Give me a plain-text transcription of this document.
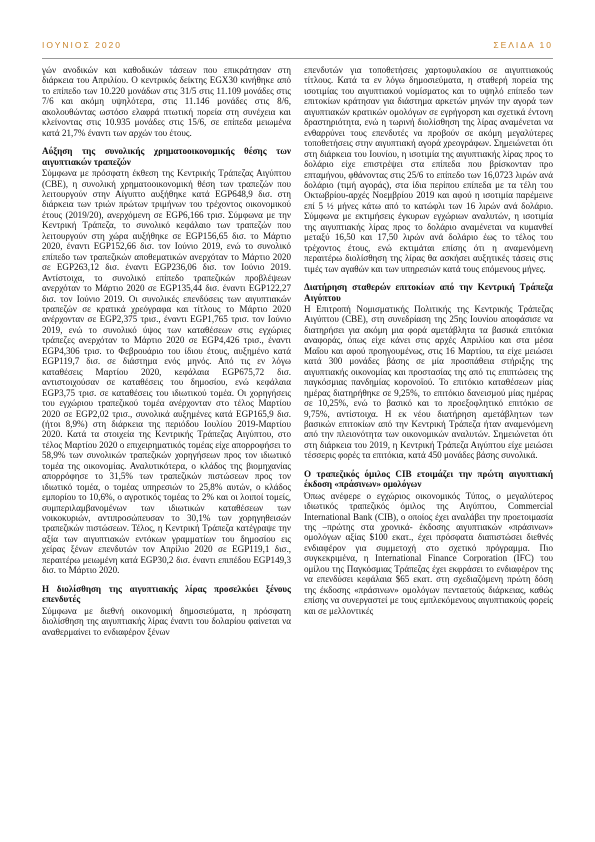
ΙΟΥΝΙΟΣ 2020	ΣΕΛΙΔΑ 10

γών ανοδικών και καθοδικών τάσεων που επικράτησαν στη διάρκεια του Απριλίου. Ο κεντρικός δείκτης EGX30 κινήθηκε από το επίπεδο των 10.220 μονάδων στις 31/5 στις 11.109 μονάδες στις 7/6 και ακόμη υψηλότερα, στις 11.146 μονάδες στις 8/6, ακολουθώντας ωστόσο ελαφρά πτωτική πορεία στη συνέχεια και κλείνοντας στις 10.935 μονάδες στις 15/6, σε επίπεδα μειωμένα κατά 21,7% έναντι των αρχών του έτους.

Αύξηση της συνολικής χρηματοοικονομικής θέσης των αιγυπτιακών τραπεζών

Σύμφωνα με πρόσφατη έκθεση της Κεντρικής Τράπεζας Αιγύπτου (CBE), η συνολική χρηματοοικονομική θέση των τραπεζών που λειτουργούν στην Αίγυπτο αυξήθηκε κατά EGP648,9 δισ. στη διάρκεια των τριών πρώτων τριμήνων του τρέχοντος οικονομικού έτους (2019/20), ανερχόμενη σε EGP6,166 τρισ. Σύμφωνα με την Κεντρική Τράπεζα, το συνολικό κεφάλαιο των τραπεζών που λειτουργούν στη χώρα αυξήθηκε σε EGP156,65 δισ. το Μάρτιο 2020, έναντι EGP152,66 δισ. τον Ιούνιο 2019, ενώ το συνολικό επίπεδο των τραπεζικών αποθεματικών ανερχόταν το Μάρτιο 2020 σε EGP263,12 δισ. έναντι EGP236,06 δισ. τον Ιούνιο 2019. Αντίστοιχα, το συνολικό επίπεδο τραπεζικών προβλέψεων ανερχόταν το Μάρτιο 2020 σε EGP135,44 δισ. έναντι EGP122,27 δισ. τον Ιούνιο 2019. Οι συνολικές επενδύσεις των αιγυπτιακών τραπεζών σε κρατικά χρεόγραφα και τίτλους το Μάρτιο 2020 ανέρχονταν σε EGP2,375 τρισ., έναντι EGP1,765 τρισ. τον Ιούνιο 2019, ενώ το συνολικό ύψος των καταθέσεων στις εγχώριες τράπεζες ανερχόταν το Μάρτιο 2020 σε EGP4,426 τρισ., έναντι EGP4,306 τρισ. το Φεβρουάριο του ίδιου έτους, αυξημένο κατά EGP119,7 δισ. σε διάστημα ενός μηνός. Από τις εν λόγω καταθέσεις Μαρτίου 2020, κεφάλαια EGP675,72 δισ. αντιστοιχούσαν σε καταθέσεις του δημοσίου, ενώ κεφάλαια EGP3,75 τρισ. σε καταθέσεις του ιδιωτικού τομέα. Οι χορηγήσεις του εγχώριου τραπεζικού τομέα ανέρχονταν στο τέλος Μαρτίου 2020 σε EGP2,02 τρισ., συνολικά αυξημένες κατά EGP165,9 δισ. (ήτοι 8,9%) στη διάρκεια της περιόδου Ιουλίου 2019-Μαρτίου 2020. Κατά τα στοιχεία της Κεντρικής Τράπεζας Αιγύπτου, στο τέλος Μαρτίου 2020 ο επιχειρηματικός τομέας είχε απορροφήσει το 58,9% των συνολικών τραπεζικών χορηγήσεων προς τον ιδιωτικό τομέα της οικονομίας. Αναλυτικότερα, ο κλάδος της βιομηχανίας απορρόφησε το 31,5% των τραπεζικών πιστώσεων προς τον ιδιωτικό τομέα, ο τομέας υπηρεσιών το 25,8% αυτών, ο κλάδος εμπορίου το 10,6%, ο αγροτικός τομέας το 2% και οι λοιποί τομείς, συμπεριλαμβανομένων των ιδιωτικών καταθέσεων των νοικοκυριών, αντιπροσώπευσαν το 30,1% των χορηγηθεισών τραπεζικών πιστώσεων. Τέλος, η Κεντρική Τράπεζα κατέγραψε την αξία των αιγυπτιακών εντόκων γραμματίων του δημοσίου εις χείρας ξένων επενδυτών τον Απρίλιο 2020 σε EGP119,1 δισ., περαιτέρω μειωμένη κατά EGP30,2 δισ. έναντι επιπέδου EGP149,3 δισ. το Μάρτιο 2020.

Η διολίσθηση της αιγυπτιακής λίρας προσελκύει ξένους επενδυτές

Σύμφωνα με διεθνή οικονομική δημοσιεύματα, η πρόσφατη διολίσθηση της αιγυπτιακής λίρας έναντι του δολαρίου φαίνεται να αναθερμαίνει το ενδιαφέρον ξένων

επενδυτών για τοποθετήσεις χαρτοφυλακίου σε αιγυπτιακούς τίτλους. Κατά τα εν λόγω δημοσιεύματα, η σταθερή πορεία της ισοτιμίας του αιγυπτιακού νομίσματος και το υψηλό επίπεδο των επιτοκίων κράτησαν για διάστημα αρκετών μηνών την αγορά των αιγυπτιακών κρατικών ομολόγων σε εγρήγορση και σχετικά έντονη δραστηριότητα, ενώ η τωρινή διολίσθηση της λίρας αναμένεται να ενθαρρύνει τους επενδυτές να προβούν σε ακόμη μεγαλύτερες τοποθετήσεις στην αιγυπτιακή αγορά χρεογράφων. Σημειώνεται ότι στη διάρκεια του Ιουνίου, η ισοτιμία της αιγυπτιακής λίρας προς το δολάριο είχε επιστρέψει στα επίπεδα που βρίσκονταν προ επταμήνου, φθάνοντας στις 25/6 το επίπεδο των 16,0723 λιρών ανά δολάριο (τιμή αγοράς), στα ίδια περίπου επίπεδα με τα τέλη του Οκτωβρίου-αρχές Νοεμβρίου 2019 και αφού η ισοτιμία παρέμεινε επί 5 ½ μήνες κάτω από το κατώφλι των 16 λιρών ανά δολάριο. Σύμφωνα με εκτιμήσεις έγκυρων εγχώριων αναλυτών, η ισοτιμία της αιγυπτιακής λίρας προς το δολάριο αναμένεται να κυμανθεί μεταξύ 16,50 και 17,50 λιρών ανά δολάριο έως το τέλος του τρέχοντος έτους, ενώ εκτιμάται επίσης ότι η αναμενόμενη περαιτέρω διολίσθηση της λίρας θα ασκήσει αυξητικές τάσεις στις τιμές των αγαθών και των υπηρεσιών κατά τους επόμενους μήνες.

Διατήρηση σταθερών επιτοκίων από την Κεντρική Τράπεζα Αιγύπτου

Η Επιτροπή Νομισματικής Πολιτικής της Κεντρικής Τράπεζας Αιγύπτου (CBE), στη συνεδρίαση της 25ης Ιουνίου αποφάσισε να διατηρήσει για ακόμη μια φορά αμετάβλητα τα βασικά επιτόκια αναφοράς, όπως είχε κάνει στις αρχές Απριλίου και στα μέσα Μαΐου και αφού προηγουμένως, στις 16 Μαρτίου, τα είχε μειώσει κατά 300 μονάδες βάσης σε μία προσπάθεια στήριξης της αιγυπτιακής οικονομίας και προστασίας της από τις επιπτώσεις της παγκόσμιας πανδημίας κορονοϊού. Το επιτόκιο καταθέσεων μίας ημέρας διατηρήθηκε σε 9,25%, το επιτόκιο δανεισμού μίας ημέρας σε 10,25%, ενώ το βασικό και το προεξοφλητικό επιτόκιο σε 9,75%, αντίστοιχα. Η εκ νέου διατήρηση αμετάβλητων των βασικών επιτοκίων από την Κεντρική Τράπεζα ήταν αναμενόμενη από την πλειονότητα των οικονομικών αναλυτών. Σημειώνεται ότι στη διάρκεια του 2019, η Κεντρική Τράπεζα Αιγύπτου είχε μειώσει τέσσερις φορές τα επιτόκια, κατά 450 μονάδες βάσης συνολικά.

Ο τραπεζικός όμιλος CIB ετοιμάζει την πρώτη αιγυπτιακή έκδοση «πράσινων» ομολόγων

Όπως ανέφερε ο εγχώριος οικονομικός Τύπος, ο μεγαλύτερος ιδιωτικός τραπεζικός όμιλος της Αιγύπτου, Commercial International Bank (CIB), ο οποίος έχει αναλάβει την προετοιμασία της –πρώτης στα χρονικά- έκδοσης αιγυπτιακών «πράσινων» ομολόγων αξίας $100 εκατ., έχει πρόσφατα διαπιστώσει διεθνές ενδιαφέρον για συμμετοχή στο σχετικό πρόγραμμα. Πιο συγκεκριμένα, η International Finance Corporation (IFC) του ομίλου της Παγκόσμιας Τράπεζας έχει εκφράσει το ενδιαφέρον της να επενδύσει κεφάλαια $65 εκατ. στη σχεδιαζόμενη πρώτη δόση της έκδοσης «πράσινων» ομολόγων πενταετούς διάρκειας, καθώς επίσης να συνεργαστεί με τους εμπλεκόμενους αιγυπτιακούς φορείς και σε μελλοντικές
